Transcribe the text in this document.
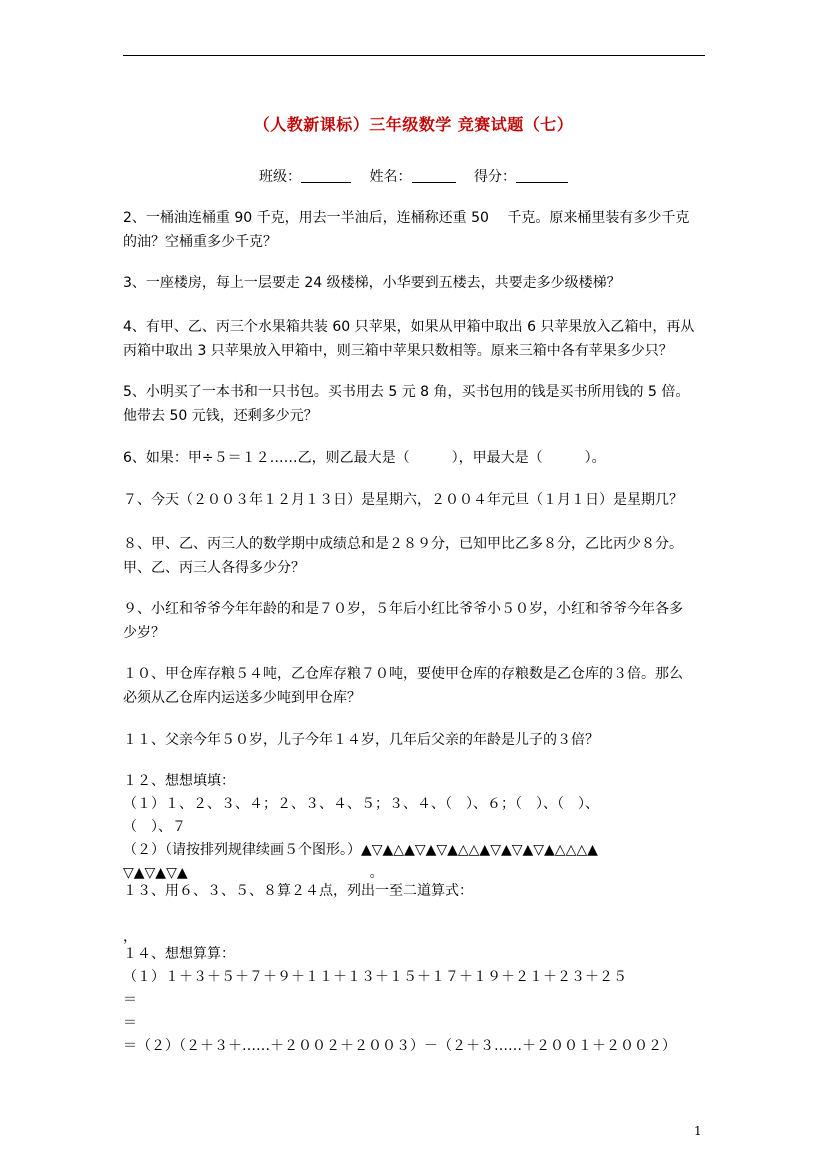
（人教新课标）三年级数学 竞赛试题（七）
班级：	姓名：	得分：
2、一桶油连桶重 90 千克，用去一半油后，连桶称还重 50　 千克。原来桶里装有多少千克
的油？空桶重多少千克？
3、一座楼房，每上一层要走 24 级楼梯，小华要到五楼去，共要走多少级楼梯？
4、有甲、乙、丙三个水果箱共装 60 只苹果，如果从甲箱中取出 6 只苹果放入乙箱中，再从
丙箱中取出 3 只苹果放入甲箱中，则三箱中苹果只数相等。原来三箱中各有苹果多少只？
5、小明买了一本书和一只书包。买书用去 5 元 8 角，买书包用的钱是买书所用钱的 5 倍。
他带去 50 元钱，还剩多少元？
6、如果：甲÷５＝１２……乙，则乙最大是（　　　），甲最大是（　　　）。
７、今天（２００３年１２月１３日）是星期六，２００４年元旦（１月１日）是星期几？
８、甲、乙、丙三人的数学期中成绩总和是２８９分，已知甲比乙多８分，乙比丙少８分。
甲、乙、丙三人各得多少分？
９、小红和爷爷今年年龄的和是７０岁，５年后小红比爷爷小５０岁，小红和爷爷今年各多
少岁？
１０、甲仓库存粮５４吨，乙仓库存粮７０吨，要使甲仓库的存粮数是乙仓库的３倍。那么
必须从乙仓库内运送多少吨到甲仓库？
１１、父亲今年５０岁，儿子今年１４岁，几年后父亲的年龄是儿子的３倍？
１２、想想填填：
（１）１、２、３、４；２、３、４、５；３、４、（　）、６；（　）、（　）、
（　）、７
（２）（请按排列规律续画５个图形。）▲▽▲△▲▽▲▽▲△△▲▽▲▽▲▽▲△△△▲
▽▲▽▲▽▲　　　　　　　　　　　　　。
１３、用６、３、５、８算２４点，列出一至二道算式：
，
１４、想想算算：
（１）１＋３＋５＋７＋９＋１１＋１３＋１５＋１７＋１９＋２１＋２３＋２５
＝
＝
＝（２）（２＋３＋……＋２００２＋２００３）－（２＋３……＋２００１＋２００２）
1
